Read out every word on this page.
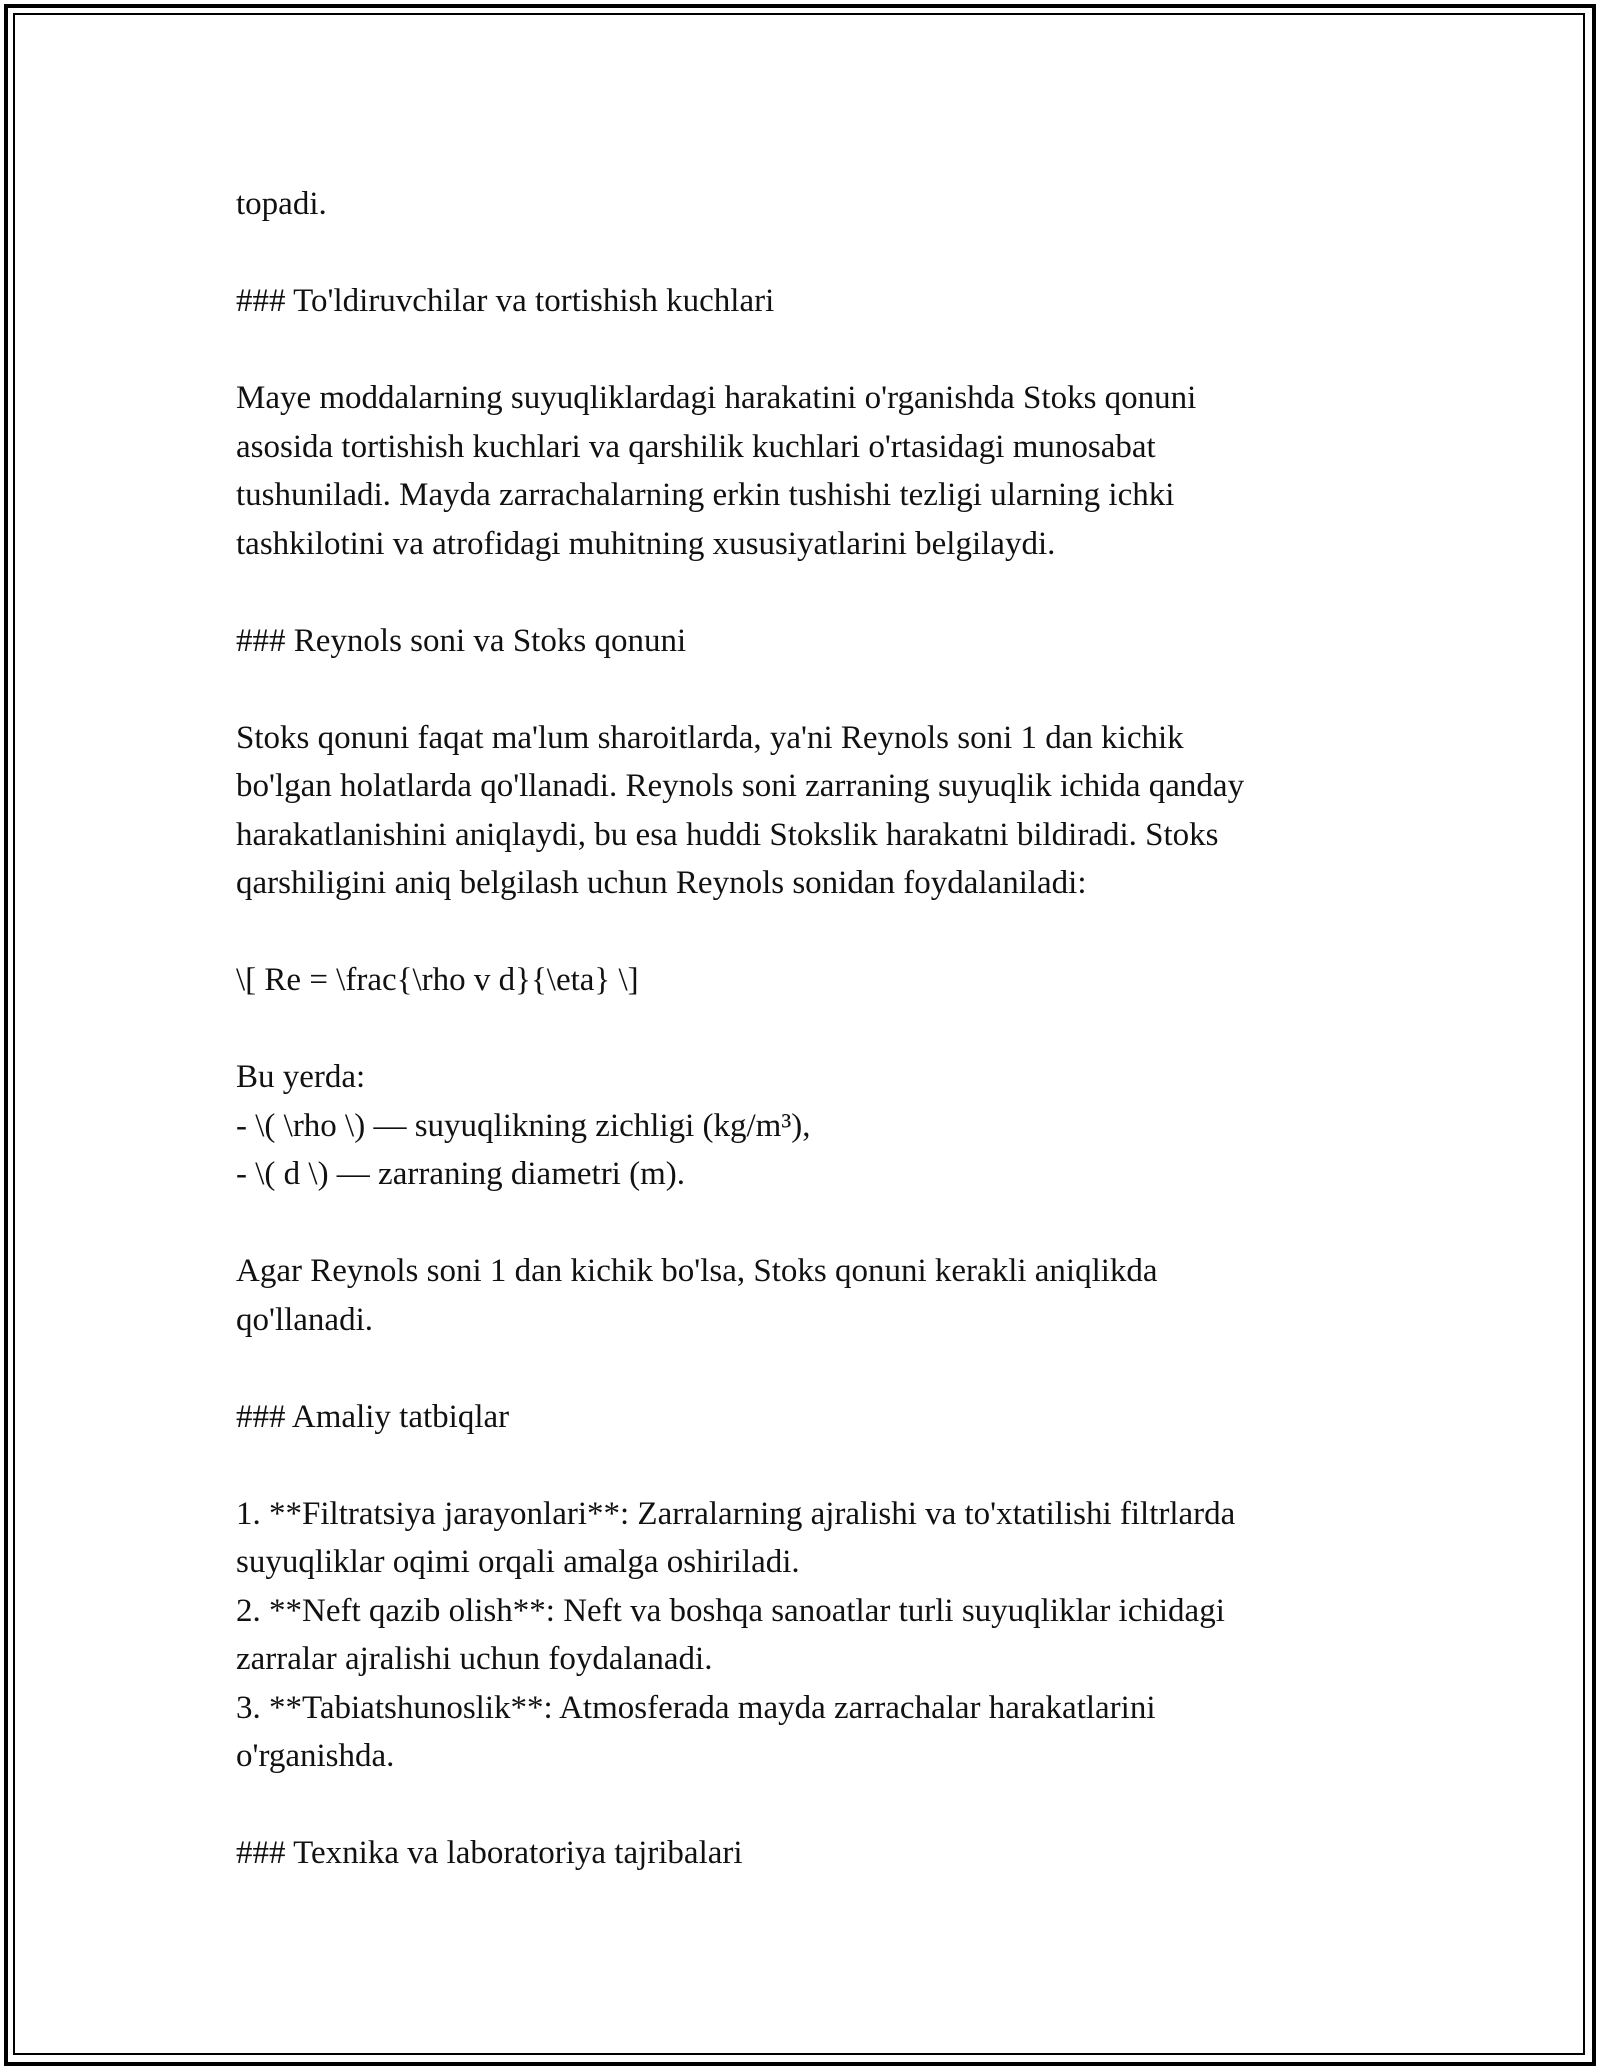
topadi.
### To'ldiruvchilar va tortishish kuchlari
Maye moddalarning suyuqliklardagi harakatini o'rganishda Stoks qonuni
asosida tortishish kuchlari va qarshilik kuchlari o'rtasidagi munosabat
tushuniladi. Mayda zarrachalarning erkin tushishi tezligi ularning ichki
tashkilotini va atrofidagi muhitning xususiyatlarini belgilaydi.
### Reynols soni va Stoks qonuni
Stoks qonuni faqat ma'lum sharoitlarda, ya'ni Reynols soni 1 dan kichik
bo'lgan holatlarda qo'llanadi. Reynols soni zarraning suyuqlik ichida qanday
harakatlanishini aniqlaydi, bu esa huddi Stokslik harakatni bildiradi. Stoks
qarshiligini aniq belgilash uchun Reynols sonidan foydalaniladi:
\[ Re = \frac{\rho v d}{\eta} \]
Bu yerda:
- \( \rho \) — suyuqlikning zichligi (kg/m³),
- \( d \) — zarraning diametri (m).
Agar Reynols soni 1 dan kichik bo'lsa, Stoks qonuni kerakli aniqlikda
qo'llanadi.
### Amaliy tatbiqlar
1. **Filtratsiya jarayonlari**: Zarralarning ajralishi va to'xtatilishi filtrlarda
suyuqliklar oqimi orqali amalga oshiriladi.
2. **Neft qazib olish**: Neft va boshqa sanoatlar turli suyuqliklar ichidagi
zarralar ajralishi uchun foydalanadi.
3. **Tabiatshunoslik**: Atmosferada mayda zarrachalar harakatlarini
o'rganishda.
### Texnika va laboratoriya tajribalari
